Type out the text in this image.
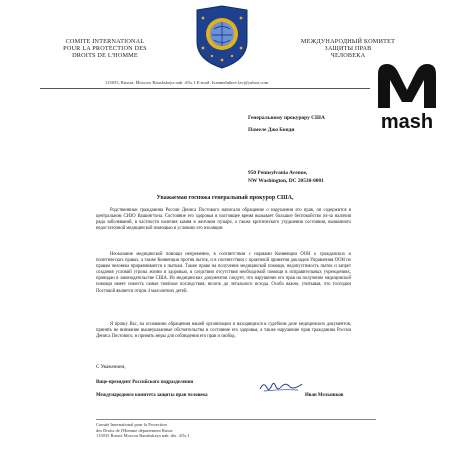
COMITE INTERNATIONAL
POUR LA PROTECTION DES
DROITS DE L'HOMME
МЕЖДУНАРОДНЫЙ КОМИТЕТ
ЗАЩИТЫ ПРАВ
ЧЕЛОВЕКА
115035, Russia, Moscow Raushskaya nab. 4/5s.1 E-mail: Ivanmelnikov1av@yahoo.com
mash
Генеральному прокурору США
Памеле Джо Бонди
950 Pennsylvania Avenue,
NW Washington, DC 20530-0001
Уважаемая госпожа генеральный прокурор США,
Родственники гражданина России Дениса Постового написали обращение о нарушении его прав, он содержится в центральном СИЗО Вашингтона. Состояние его здоровья в настоящее время вызывает большое беспокойство из-за наличия ряда заболеваний, в частности наличия камня в желчном пузыре, а также критического ухудшения состояния, вызванного недостаточной медицинской помощью в условиях его изоляции.
Неоказание медицинской помощи непременно, в соответствии с нормами Конвенции ООН о гражданских и политических правах, а также Конвенции против пыток, и в соответствии с практикой принятия докладов Управления ООН по правам человека приравнивается к пыткам. Также право на получение медицинской помощи, недопустимость пыток и запрет создания условий угрозы жизни и здоровью, в следствии отсутствия необходимой помощи в исправительных учреждениях, провидан в законодательстве США. Из медицинских документов следует, что нарушение его прав на получение медицинской помощи имеет понесть самые тяжёлые последствия, вплоть до летального исхода. Особо важно, учитывая, что господин Постовой является отцом 4 малолетних детей.
Я прошу Вас, на основании обращения нашей организации и находящихся в судебном деле медицинских документов, принять во внимание вышеуказанные обстоятельства и состояние его здоровья, а также нарушение прав гражданина России Дениса Постового, и принять меры для соблюдения его прав и свобод.
С Уважением,
Вице-президент Российского подразделения
Международного комитета защиты прав человека	Иван Мельников
Comité International pour la Protection
des Droits de l'Homme département Russe
115035 Russie Moscou Raushskaya nab. dtx. 4/5s.1
